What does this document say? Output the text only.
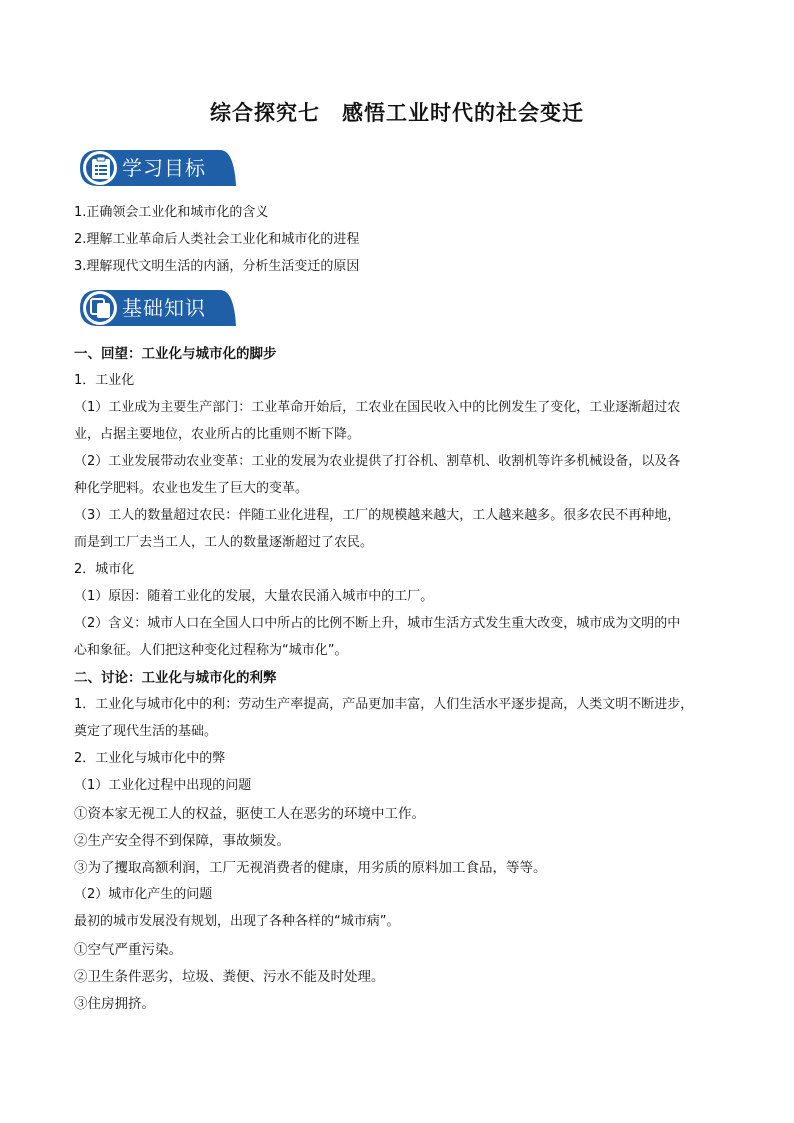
综合探究七　感悟工业时代的社会变迁
学习目标
1.正确领会工业化和城市化的含义
2.理解工业革命后人类社会工业化和城市化的进程
3.理解现代文明生活的内涵，分析生活变迁的原因
基础知识
一、回望：工业化与城市化的脚步
1．工业化
（1）工业成为主要生产部门：工业革命开始后，工农业在国民收入中的比例发生了变化，工业逐渐超过农
业，占据主要地位，农业所占的比重则不断下降。
（2）工业发展带动农业变革：工业的发展为农业提供了打谷机、割草机、收割机等许多机械设备，以及各
种化学肥料。农业也发生了巨大的变革。
（3）工人的数量超过农民：伴随工业化进程，工厂的规模越来越大，工人越来越多。很多农民不再种地，
而是到工厂去当工人，工人的数量逐渐超过了农民。
2．城市化
（1）原因：随着工业化的发展，大量农民涌入城市中的工厂。
（2）含义：城市人口在全国人口中所占的比例不断上升，城市生活方式发生重大改变，城市成为文明的中
心和象征。人们把这种变化过程称为“城市化”。
二、讨论：工业化与城市化的利弊
1．工业化与城市化中的利：劳动生产率提高，产品更加丰富，人们生活水平逐步提高，人类文明不断进步，
奠定了现代生活的基础。
2．工业化与城市化中的弊
（1）工业化过程中出现的问题
①资本家无视工人的权益，驱使工人在恶劣的环境中工作。
②生产安全得不到保障，事故频发。
③为了攫取高额利润，工厂无视消费者的健康，用劣质的原料加工食品，等等。
（2）城市化产生的问题
最初的城市发展没有规划，出现了各种各样的“城市病”。
①空气严重污染。
②卫生条件恶劣，垃圾、粪便、污水不能及时处理。
③住房拥挤。
